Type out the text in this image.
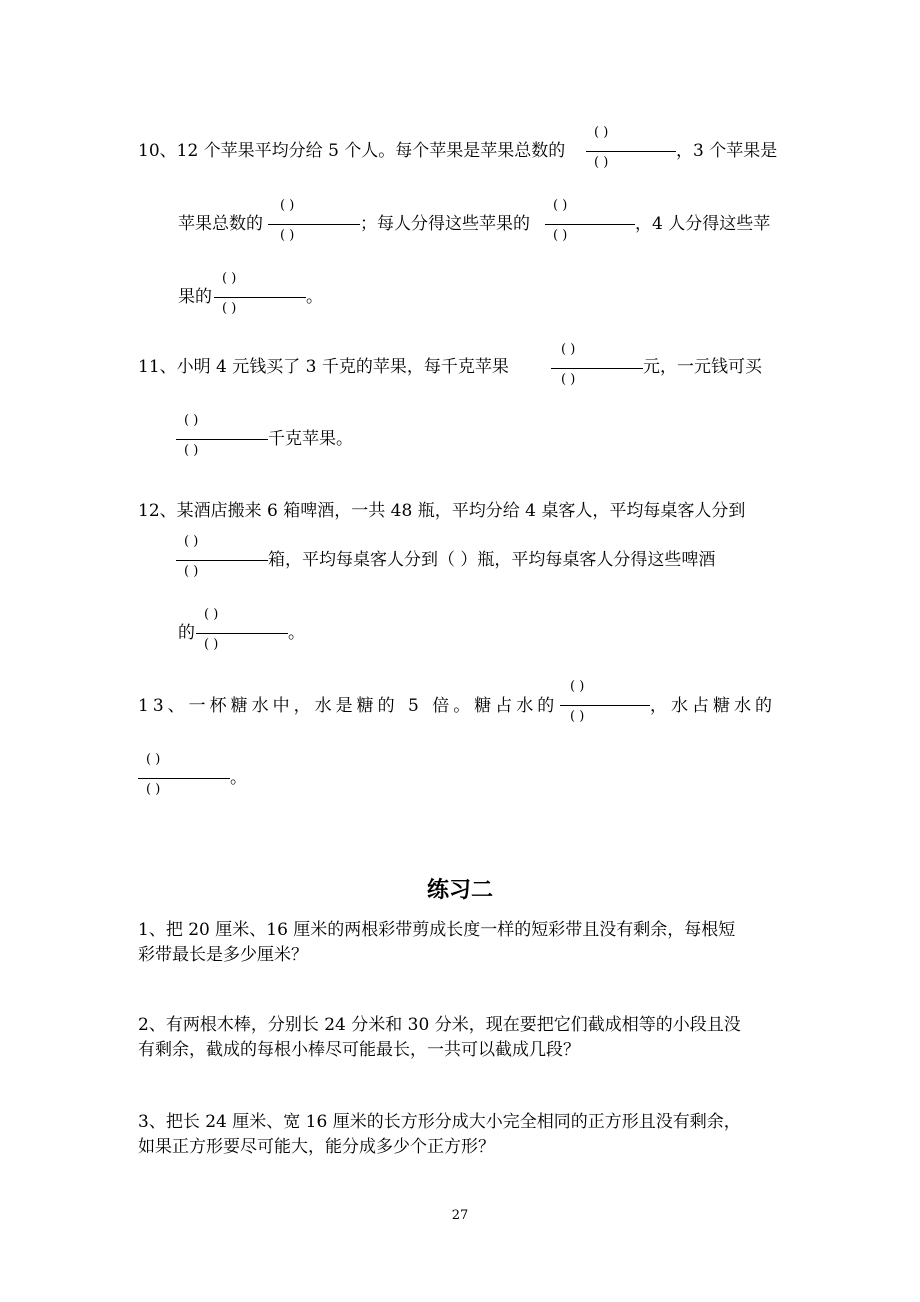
10、12 个苹果平均分给 5 个人。每个苹果是苹果总数的
( )
( )
，3 个苹果是
苹果总数的
( )
( )
；每人分得这些苹果的
( )
( )
，4 人分得这些苹
果的
( )
( )
。
11、小明 4 元钱买了 3 千克的苹果，每千克苹果
( )
( )
元，一元钱可买
( )
( )
千克苹果。
12、某酒店搬来 6 箱啤酒，一共 48 瓶，平均分给 4 桌客人，平均每桌客人分到
( )
( )
箱，平均每桌客人分到（ ）瓶，平均每桌客人分得这些啤酒
的
( )
( )
。
13、一杯糖水中，水是糖的 5 倍。糖占水的
( )
( )
，水占糖水的
( )
( )
。
练习二
1、把 20 厘米、16 厘米的两根彩带剪成长度一样的短彩带且没有剩余，每根短
彩带最长是多少厘米？
2、有两根木棒，分别长 24 分米和 30 分米，现在要把它们截成相等的小段且没
有剩余，截成的每根小棒尽可能最长，一共可以截成几段？
3、把长 24 厘米、宽 16 厘米的长方形分成大小完全相同的正方形且没有剩余，
如果正方形要尽可能大，能分成多少个正方形？
27
